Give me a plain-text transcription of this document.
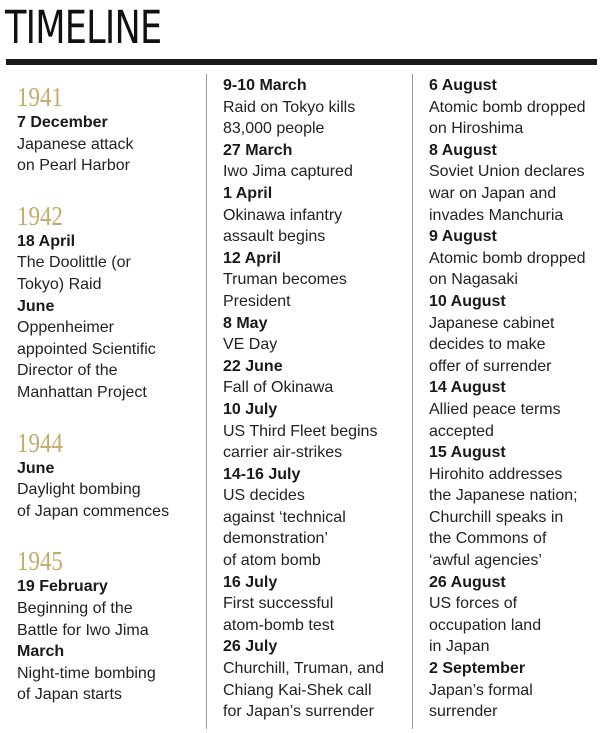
TIMELINE
1941
7 December
Japanese attack
on Pearl Harbor
1942
18 April
The Doolittle (or
Tokyo) Raid
June
Oppenheimer
appointed Scientific
Director of the
Manhattan Project
1944
June
Daylight bombing
of Japan commences
1945
19 February
Beginning of the
Battle for Iwo Jima
March
Night-time bombing
of Japan starts
9-10 March
Raid on Tokyo kills
83,000 people
27 March
Iwo Jima captured
1 April
Okinawa infantry
assault begins
12 April
Truman becomes
President
8 May
VE Day
22 June
Fall of Okinawa
10 July
US Third Fleet begins
carrier air-strikes
14-16 July
US decides
against ‘technical
demonstration’
of atom bomb
16 July
First successful
atom-bomb test
26 July
Churchill, Truman, and
Chiang Kai-Shek call
for Japan’s surrender
6 August
Atomic bomb dropped
on Hiroshima
8 August
Soviet Union declares
war on Japan and
invades Manchuria
9 August
Atomic bomb dropped
on Nagasaki
10 August
Japanese cabinet
decides to make
offer of surrender
14 August
Allied peace terms
accepted
15 August
Hirohito addresses
the Japanese nation;
Churchill speaks in
the Commons of
‘awful agencies’
26 August
US forces of
occupation land
in Japan
2 September
Japan’s formal
surrender
